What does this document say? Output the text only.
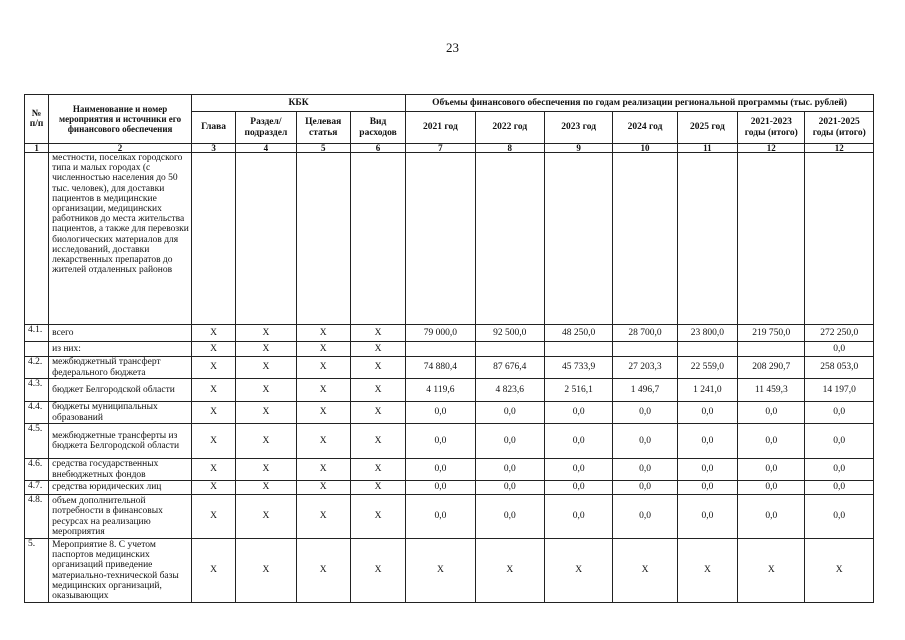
23
№ п/п	Наименование и номер мероприятия и источники его финансового обеспечения	КБК				Объемы финансового обеспечения по годам реализации региональной программы (тыс. рублей)						
		Глава	Раздел/ подраздел	Целевая статья	Вид расходов	2021 год	2022 год	2023 год	2024 год	2025 год	2021-2023 годы (итого)	2021-2025 годы (итого)
1	2	3	4	5	6	7	8	9	10	11	12	12
	местности, поселках городского типа и малых городах (с численностью населения до 50 тыс. человек), для доставки пациентов в медицинские организации, медицинских работников до места жительства пациентов, а также для перевозки биологических материалов для исследований, доставки лекарственных препаратов до жителей отдаленных районов											
4.1.	всего	X	X	X	X	79 000,0	92 500,0	48 250,0	28 700,0	23 800,0	219 750,0	272 250,0
	из них:	X	X	X	X							0,0
4.2.	межбюджетный трансферт федерального бюджета	X	X	X	X	74 880,4	87 676,4	45 733,9	27 203,3	22 559,0	208 290,7	258 053,0
4.3.	бюджет Белгородской области	X	X	X	X	4 119,6	4 823,6	2 516,1	1 496,7	1 241,0	11 459,3	14 197,0
4.4.	бюджеты муниципальных образований	X	X	X	X	0,0	0,0	0,0	0,0	0,0	0,0	0,0
4.5.	межбюджетные трансферты из бюджета Белгородской области	X	X	X	X	0,0	0,0	0,0	0,0	0,0	0,0	0,0
4.6.	средства государственных внебюджетных фондов	X	X	X	X	0,0	0,0	0,0	0,0	0,0	0,0	0,0
4.7.	средства юридических лиц	X	X	X	X	0,0	0,0	0,0	0,0	0,0	0,0	0,0
4.8.	объем дополнительной потребности в финансовых ресурсах на реализацию мероприятия	X	X	X	X	0,0	0,0	0,0	0,0	0,0	0,0	0,0
5.	Мероприятие 8. С учетом паспортов медицинских организаций приведение материально-технической базы медицинских организаций, оказывающих	X	X	X	X	X	X	X	X	X	X	X
